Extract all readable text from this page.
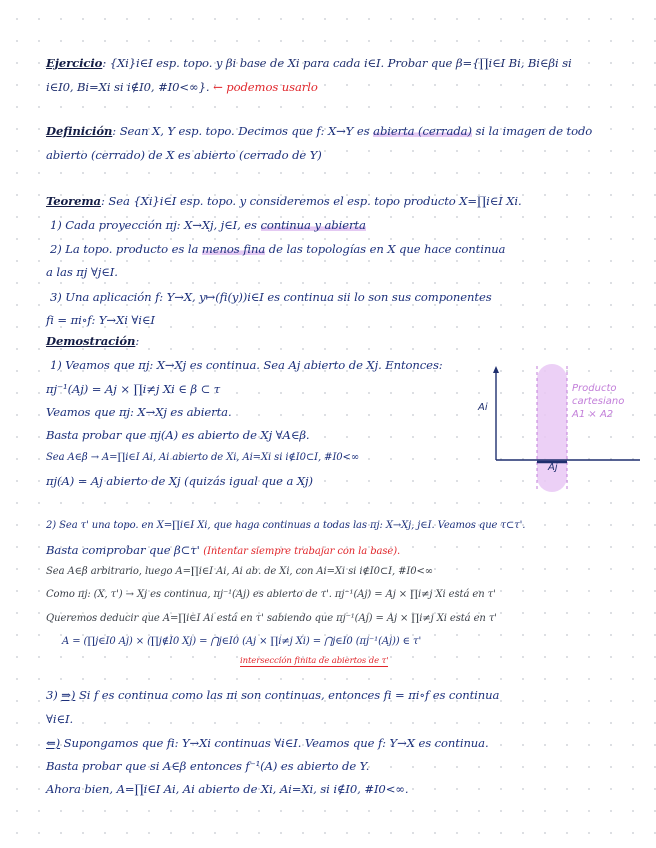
Ejercicio: {Xi}i∈I esp. topo. y βi base de Xi para cada i∈I. Probar que β={∏i∈I Bi, Bi∈βi si
i∈I0, Bi=Xi si i∉I0, #I0<∞}. ← podemos usarlo
Definición: Sean X, Y esp. topo. Decimos que f: X→Y es abierta (cerrada) si la imagen de todo
abierto (cerrado) de X es abierto (cerrado de Y)
Teorema: Sea {Xi}i∈I esp. topo. y consideremos el esp. topo producto X=∏i∈I Xi.
1) Cada proyección πj: X→Xj, j∈I, es continua y abierta
2) La topo. producto es la menos fina de las topologías en X que hace continua
a las πj ∀j∈I.
3) Una aplicación f: Y→X, y↦(fi(y))i∈I es continua sii lo son sus componentes
fi = πi∘f: Y→Xi ∀i∈I
Demostración:
1) Veamos que πj: X→Xj es continua. Sea Aj abierto de Xj. Entonces:
πj⁻¹(Aj) = Aj × ∏i≠j Xi ∈ β ⊂ τ
Veamos que πj: X→Xj es abierta.
Basta probar que πj(A) es abierto de Xj ∀A∈β.
Sea A∈β → A=∏i∈I Ai, Ai abierto de Xi, Ai=Xi si i∉I0⊂I, #I0<∞
πj(A) = Aj abierto de Xj (quizás igual que a Xj)
Ai
Aj
Producto
cartesiano
A1 × A2
2) Sea τ' una topo. en X=∏i∈I Xi, que haga continuas a todas las πj: X→Xj, j∈I. Veamos que τ⊂τ'.
Basta comprobar que β⊂τ' (Intentar siempre trabajar con la base).
Sea A∈β arbitrario, luego A=∏i∈I Ai, Ai ab. de Xi, con Ai=Xi si i∉I0⊂I, #I0<∞
Como πj: (X, τ') → Xj es continua, πj⁻¹(Aj) es abierto de τ'. πj⁻¹(Aj) = Aj × ∏i≠j Xi está en τ'
Queremos deducir que A=∏i∈I Ai está en τ' sabiendo que πj⁻¹(Aj) = Aj × ∏i≠j Xi está en τ'
A = (∏j∈I0 Aj) × (∏j∉I0 Xj) = ⋂j∈I0 (Aj × ∏i≠j Xi) = ⋂j∈I0 (πj⁻¹(Aj)) ∈ τ'
intersección finita de abiertos de τ'
3) ⇒) Si f es continua como las πi son continuas, entonces fi = πi∘f es continua
∀i∈I.
⇐) Supongamos que fi: Y→Xi continuas ∀i∈I. Veamos que f: Y→X es continua.
Basta probar que si A∈β entonces f⁻¹(A) es abierto de Y.
Ahora bien, A=∏i∈I Ai, Ai abierto de Xi, Ai=Xi, si i∉I0, #I0<∞.
